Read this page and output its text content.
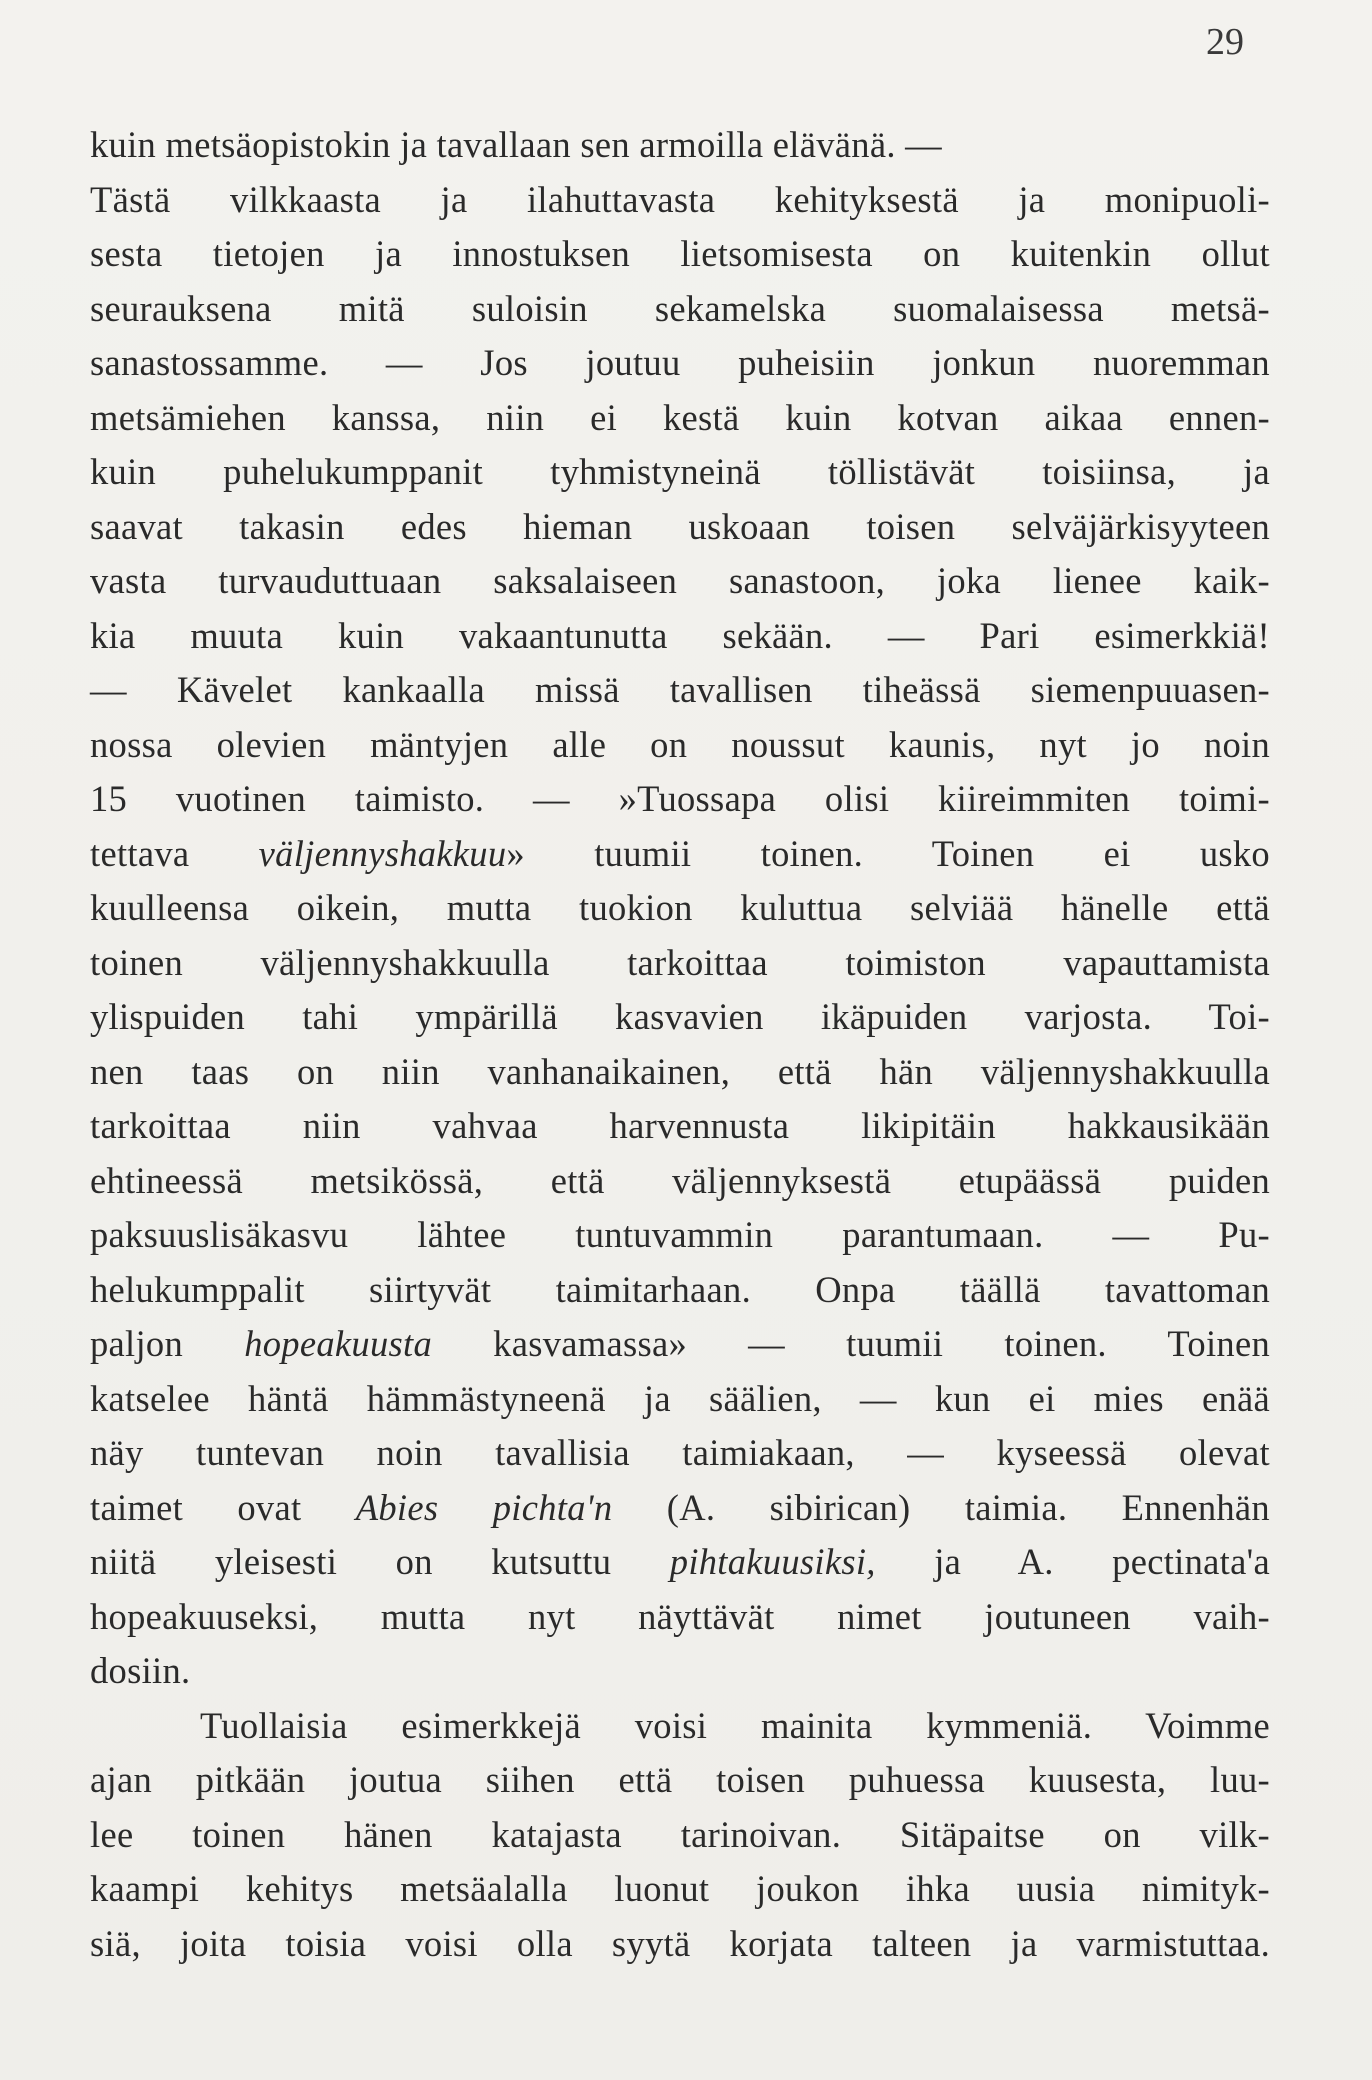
29
kuin metsäopistokin ja tavallaan sen armoilla elävänä. —
Tästä vilkkaasta ja ilahuttavasta kehityksestä ja monipuoli-
sesta tietojen ja innostuksen lietsomisesta on kuitenkin ollut
seurauksena mitä suloisin sekamelska suomalaisessa metsä-
sanastossamme. — Jos joutuu puheisiin jonkun nuoremman
metsämiehen kanssa, niin ei kestä kuin kotvan aikaa ennen-
kuin puhelukumppanit tyhmistyneinä töllistävät toisiinsa, ja
saavat takasin edes hieman uskoaan toisen selväjärkisyyteen
vasta turvauduttuaan saksalaiseen sanastoon, joka lienee kaik-
kia muuta kuin vakaantunutta sekään. — Pari esimerkkiä!
— Kävelet kankaalla missä tavallisen tiheässä siemenpuuasen-
nossa olevien mäntyjen alle on noussut kaunis, nyt jo noin
15 vuotinen taimisto. — »Tuossapa olisi kiireimmiten toimi-
tettava väljennyshakkuu» tuumii toinen. Toinen ei usko
kuulleensa oikein, mutta tuokion kuluttua selviää hänelle että
toinen väljennyshakkuulla tarkoittaa toimiston vapauttamista
ylispuiden tahi ympärillä kasvavien ikäpuiden varjosta. Toi-
nen taas on niin vanhanaikainen, että hän väljennyshakkuulla
tarkoittaa niin vahvaa harvennusta likipitäin hakkausikään
ehtineessä metsikössä, että väljennyksestä etupäässä puiden
paksuuslisäkasvu lähtee tuntuvammin parantumaan. — Pu-
helukumppalit siirtyvät taimitarhaan. Onpa täällä tavattoman
paljon hopeakuusta kasvamassa» — tuumii toinen. Toinen
katselee häntä hämmästyneenä ja säälien, — kun ei mies enää
näy tuntevan noin tavallisia taimiakaan, — kyseessä olevat
taimet ovat Abies pichta'n (A. sibirican) taimia. Ennenhän
niitä yleisesti on kutsuttu pihtakuusiksi, ja A. pectinata'a
hopeakuuseksi, mutta nyt näyttävät nimet joutuneen vaih-
dosiin.
Tuollaisia esimerkkejä voisi mainita kymmeniä. Voimme
ajan pitkään joutua siihen että toisen puhuessa kuusesta, luu-
lee toinen hänen katajasta tarinoivan. Sitäpaitse on vilk-
kaampi kehitys metsäalalla luonut joukon ihka uusia nimityk-
siä, joita toisia voisi olla syytä korjata talteen ja varmistuttaa.
